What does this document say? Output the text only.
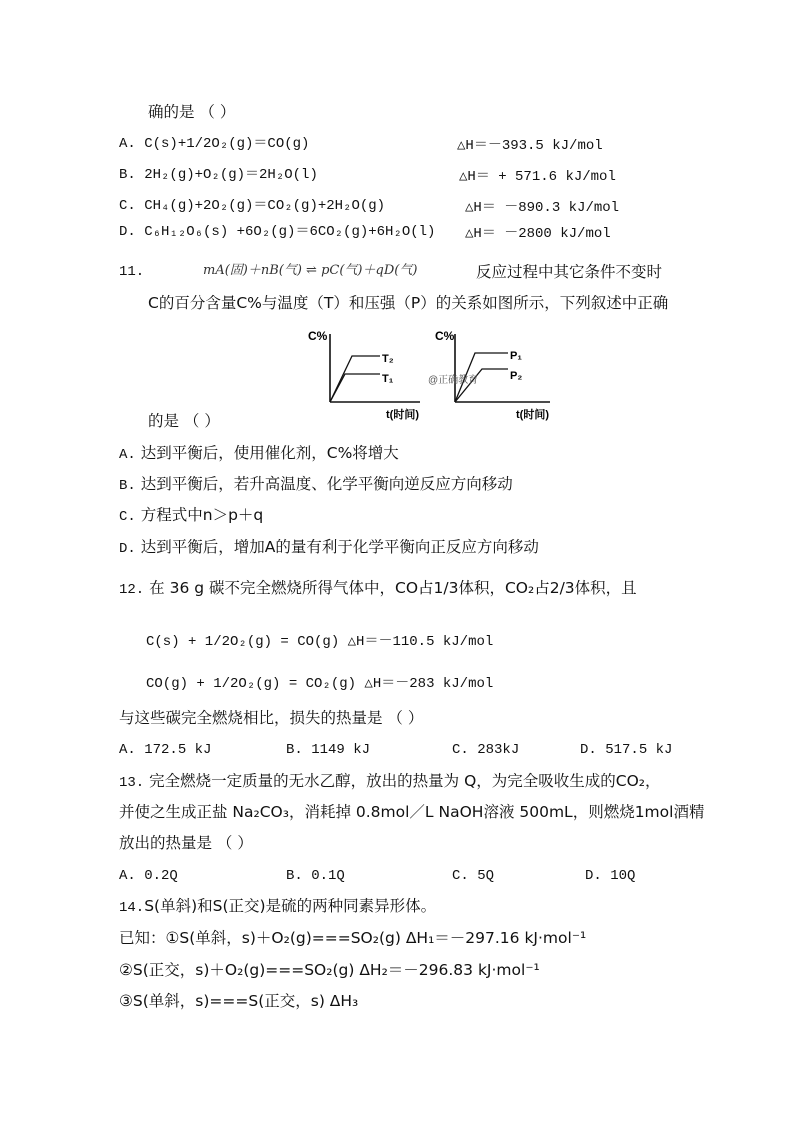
确的是 （ ）
A. C(s)+1/2O₂(g)＝CO(g)	△H＝－393.5 kJ/mol
B. 2H₂(g)+O₂(g)＝2H₂O(l)	△H＝ + 571.6 kJ/mol
C. CH₄(g)+2O₂(g)＝CO₂(g)+2H₂O(g)	△H＝ －890.3 kJ/mol
D. C₆H₁₂O₆(s) +6O₂(g)＝6CO₂(g)+6H₂O(l) △H＝ －2800 kJ/mol
11.	mA(固)＋nB(气) ⇌ pC(气)＋qD(气)	反应过程中其它条件不变时
C的百分含量C%与温度（T）和压强（P）的关系如图所示，下列叙述中正确
C%
T₂
T₁
t(时间)
C%
P₁
P₂
@正确教育
t(时间)
的是 （ ）
A. 达到平衡后，使用催化剂，C%将增大
B. 达到平衡后，若升高温度、化学平衡向逆反应方向移动
C. 方程式中n＞p＋q
D. 达到平衡后，增加A的量有利于化学平衡向正反应方向移动
12. 在 36 g 碳不完全燃烧所得气体中，CO占1/3体积，CO₂占2/3体积，且
C(s) + 1/2O₂(g) = CO(g) △H＝－110.5 kJ/mol
CO(g) + 1/2O₂(g) = CO₂(g) △H＝－283 kJ/mol
与这些碳完全燃烧相比，损失的热量是 （ ）
A. 172.5 kJ	B. 1149 kJ	C. 283kJ	D. 517.5 kJ
13. 完全燃烧一定质量的无水乙醇，放出的热量为 Q，为完全吸收生成的CO₂，
并使之生成正盐 Na₂CO₃，消耗掉 0.8mol／L NaOH溶液 500mL，则燃烧1mol酒精
放出的热量是 （ ）
A. 0.2Q	B. 0.1Q	C. 5Q	D. 10Q
14.S(单斜)和S(正交)是硫的两种同素异形体。
已知：①S(单斜，s)＋O₂(g)===SO₂(g) ΔH₁＝－297.16 kJ·mol⁻¹
②S(正交，s)＋O₂(g)===SO₂(g) ΔH₂＝－296.83 kJ·mol⁻¹
③S(单斜，s)===S(正交，s) ΔH₃
